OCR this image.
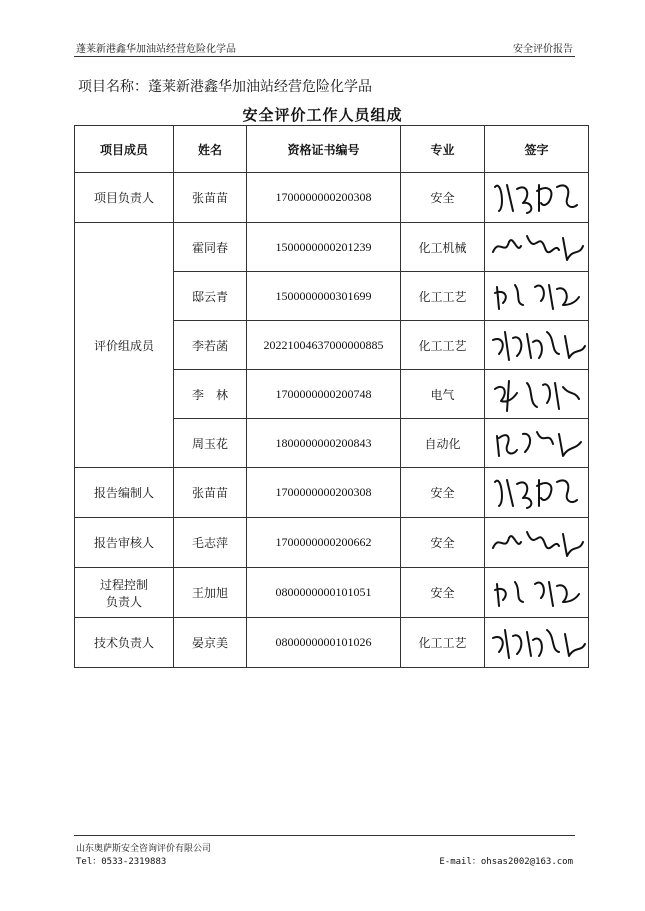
蓬莱新港鑫华加油站经营危险化学品	安全评价报告
项目名称：蓬莱新港鑫华加油站经营危险化学品
安全评价工作人员组成
项目成员	姓名	资格证书编号	专业	签字
项目负责人	张苗苗	1700000000200308	安全	

评价组成员	霍同春	1500000000201239	化工机械	

	邸云青	1500000000301699	化工工艺	

	李若菡	20221004637000000885	化工工艺	

	李　林	1700000000200748	电气	

	周玉花	1800000000200843	自动化	

报告编制人	张苗苗	1700000000200308	安全	

报告审核人	毛志萍	1700000000200662	安全	

过程控制
负责人	王加旭	0800000000101051	安全	

技术负责人	晏京美	0800000000101026	化工工艺	
山东奥萨斯安全咨询评价有限公司
Tel：0533-2319883	E-mail：ohsas2002@163.com
